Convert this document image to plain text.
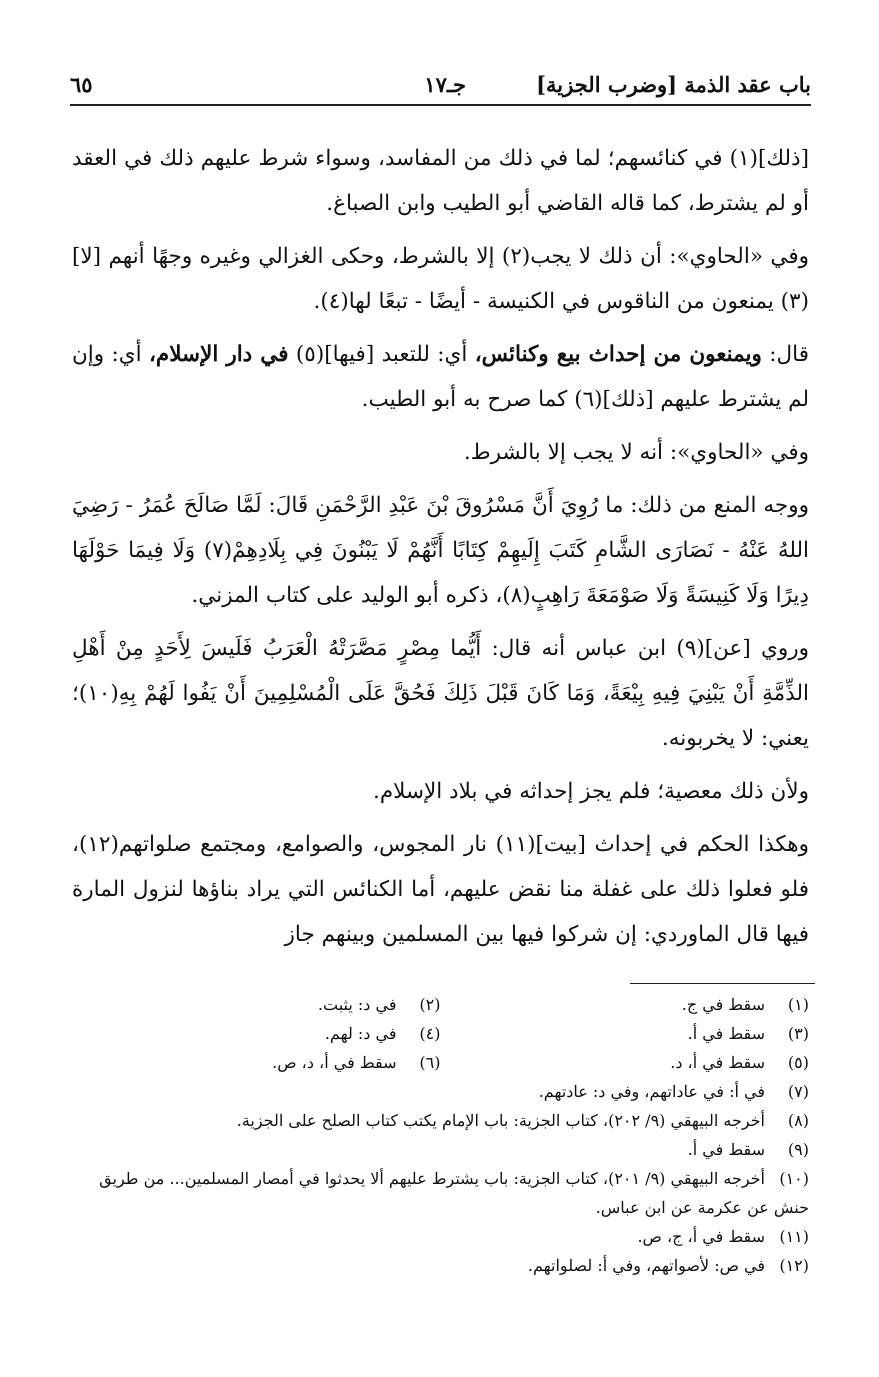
باب عقد الذمة [وضرب الجزية]
جـ١٧
٦٥

[ذلك](١) في كنائسهم؛ لما في ذلك من المفاسد، وسواء شرط عليهم ذلك في العقد أو لم يشترط، كما قاله القاضي أبو الطيب وابن الصباغ.

وفي «الحاوي»: أن ذلك لا يجب(٢) إلا بالشرط، وحكى الغزالي وغيره وجهًا أنهم [لا](٣) يمنعون من الناقوس في الكنيسة - أيضًا - تبعًا لها(٤).

قال: ويمنعون من إحداث بيع وكنائس، أي: للتعبد [فيها](٥) في دار الإسلام، أي: وإن لم يشترط عليهم [ذلك](٦) كما صرح به أبو الطيب.

وفي «الحاوي»: أنه لا يجب إلا بالشرط.

ووجه المنع من ذلك: ما رُوِيَ أَنَّ مَسْرُوقَ بْنَ عَبْدِ الرَّحْمَنِ قَالَ: لَمَّا صَالَحَ عُمَرُ - رَضِيَ اللهُ عَنْهُ - نَصَارَى الشَّامِ كَتَبَ إِلَيهِمْ كِتَابًا أَنَّهُمْ لَا يَبْنُونَ فِي بِلَادِهِمْ(٧) وَلَا فِيمَا حَوْلَهَا دِيرًا وَلَا كَنِيسَةً وَلَا صَوْمَعَةَ رَاهِبٍ(٨)، ذكره أبو الوليد على كتاب المزني.

وروي [عن](٩) ابن عباس أنه قال: أَيُّما مِصْرٍ مَصَّرَتْهُ الْعَرَبُ فَلَيسَ لِأَحَدٍ مِنْ أَهْلِ الذِّمَّةِ أَنْ يَبْنِيَ فِيهِ بِيْعَةً، وَمَا كَانَ قَبْلَ ذَلِكَ فَحُقَّ عَلَى الْمُسْلِمِينَ أَنْ يَفُوا لَهُمْ بِهِ(١٠)؛ يعني: لا يخربونه.

ولأن ذلك معصية؛ فلم يجز إحداثه في بلاد الإسلام.

وهكذا الحكم في إحداث [بيت](١١) نار المجوس، والصوامع، ومجتمع صلواتهم(١٢)، فلو فعلوا ذلك على غفلة منا نقض عليهم، أما الكنائس التي يراد بناؤها لنزول المارة فيها قال الماوردي: إن شركوا فيها بين المسلمين وبينهم جاز

(١)سقط في ج.
(٢)في د: يثبت.
(٣)سقط في أ.
(٤)في د: لهم.
(٥)سقط في أ، د.
(٦)سقط في أ، د، ص.
(٧)في أ: في عاداتهم، وفي د: عادتهم.
(٨)أخرجه البيهقي (٩/ ٢٠٢)، كتاب الجزية: باب الإمام يكتب كتاب الصلح على الجزية.
(٩)سقط في أ.
(١٠)أخرجه البيهقي (٩/ ٢٠١)، كتاب الجزية: باب يشترط عليهم ألا يحدثوا في أمصار المسلمين... من طريق حنش عن عكرمة عن ابن عباس.
(١١)سقط في أ، ج، ص.
(١٢)في ص: لأصواتهم، وفي أ: لصلواتهم.
